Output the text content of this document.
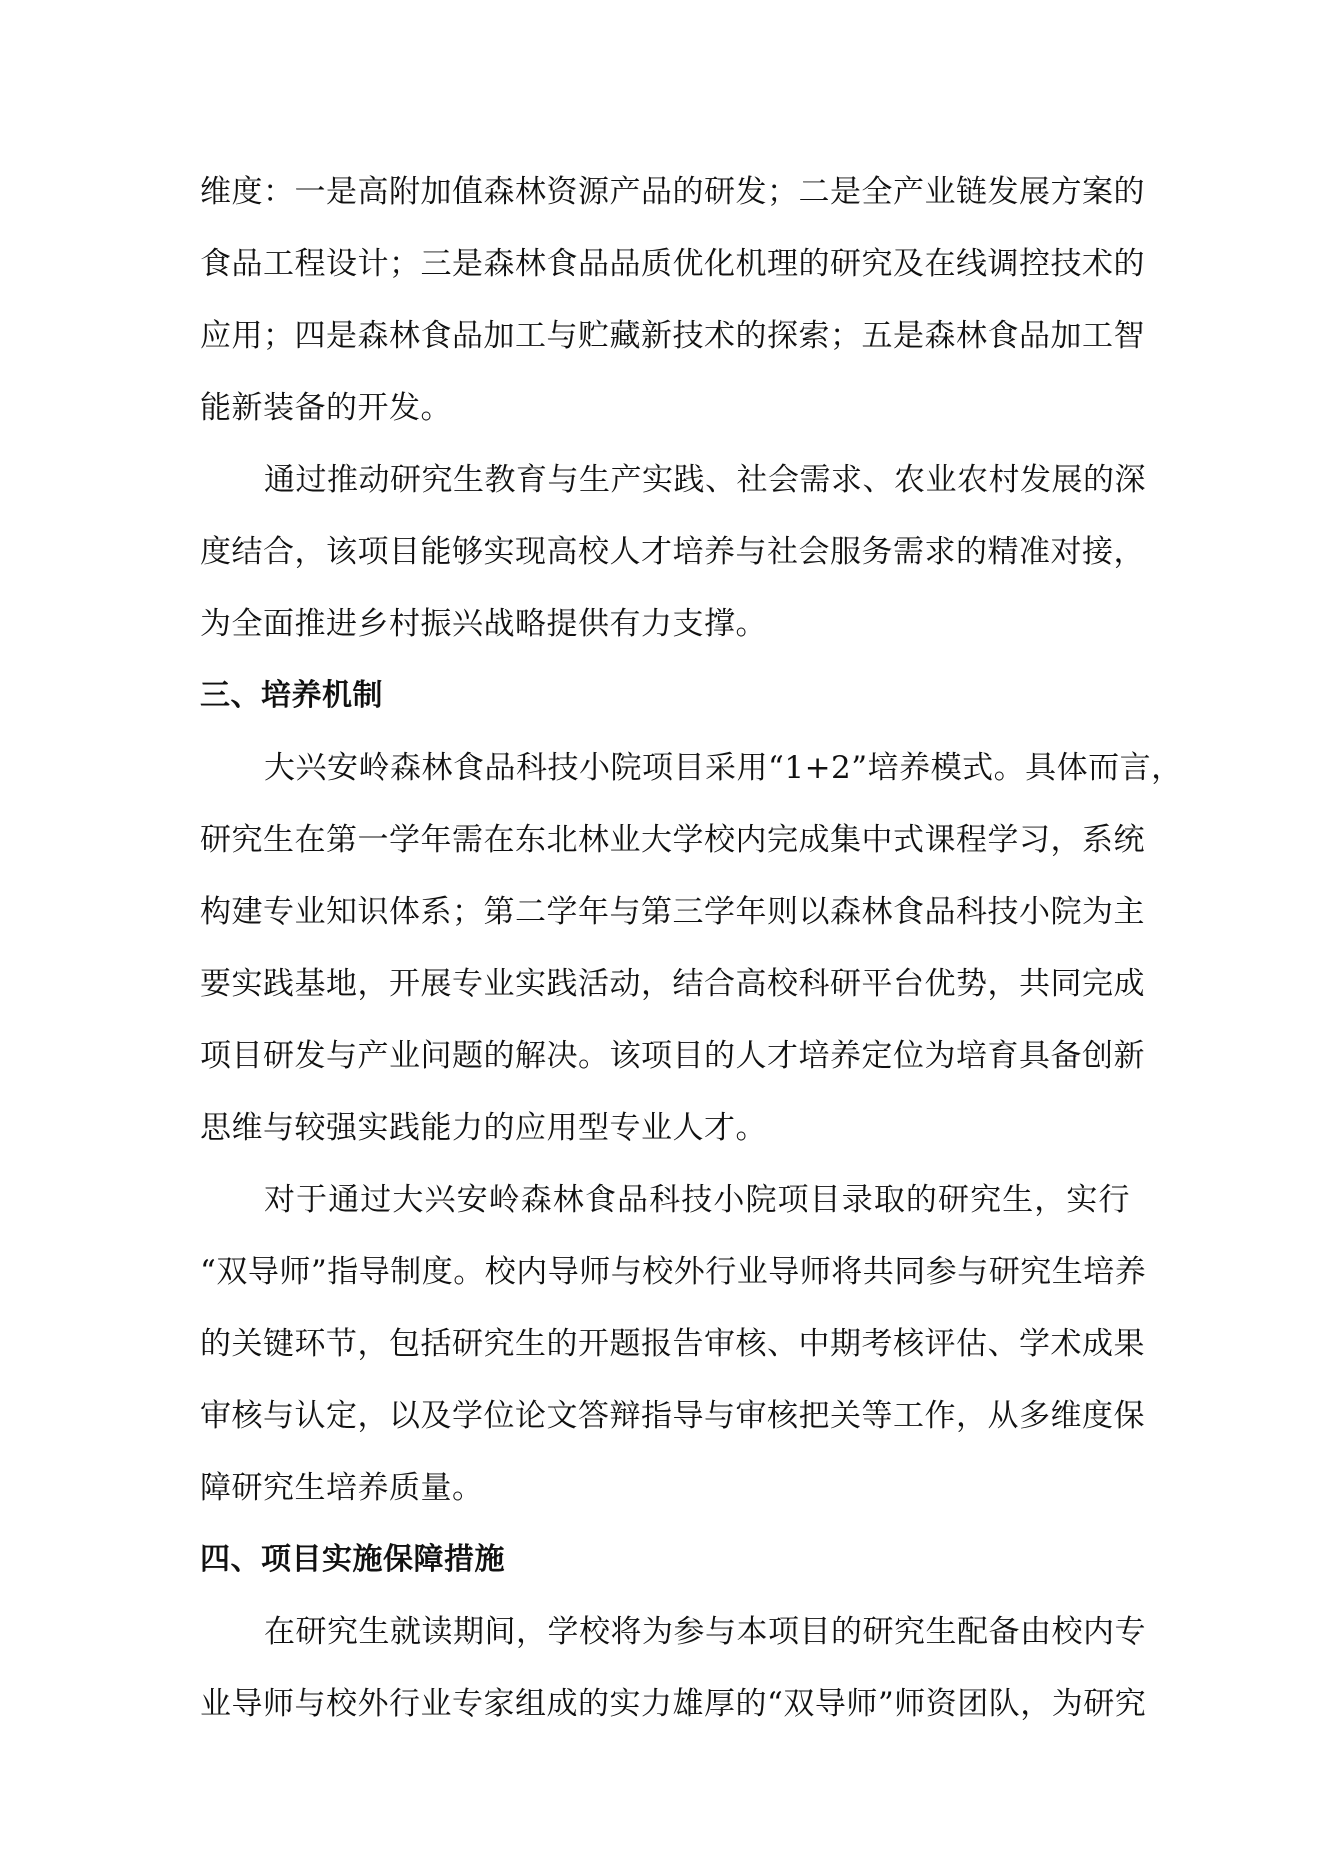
维度：一是高附加值森林资源产品的研发；二是全产业链发展方案的
食品工程设计；三是森林食品品质优化机理的研究及在线调控技术的
应用；四是森林食品加工与贮藏新技术的探索；五是森林食品加工智
能新装备的开发。
通过推动研究生教育与生产实践、社会需求、农业农村发展的深
度结合，该项目能够实现高校人才培养与社会服务需求的精准对接，
为全面推进乡村振兴战略提供有力支撑。
三、培养机制
大兴安岭森林食品科技小院项目采用“1+2”培养模式。具体而言，
研究生在第一学年需在东北林业大学校内完成集中式课程学习，系统
构建专业知识体系；第二学年与第三学年则以森林食品科技小院为主
要实践基地，开展专业实践活动，结合高校科研平台优势，共同完成
项目研发与产业问题的解决。该项目的人才培养定位为培育具备创新
思维与较强实践能力的应用型专业人才。
对于通过大兴安岭森林食品科技小院项目录取的研究生，实行
“双导师”指导制度。校内导师与校外行业导师将共同参与研究生培养
的关键环节，包括研究生的开题报告审核、中期考核评估、学术成果
审核与认定，以及学位论文答辩指导与审核把关等工作，从多维度保
障研究生培养质量。
四、项目实施保障措施
在研究生就读期间，学校将为参与本项目的研究生配备由校内专
业导师与校外行业专家组成的实力雄厚的“双导师”师资团队，为研究
